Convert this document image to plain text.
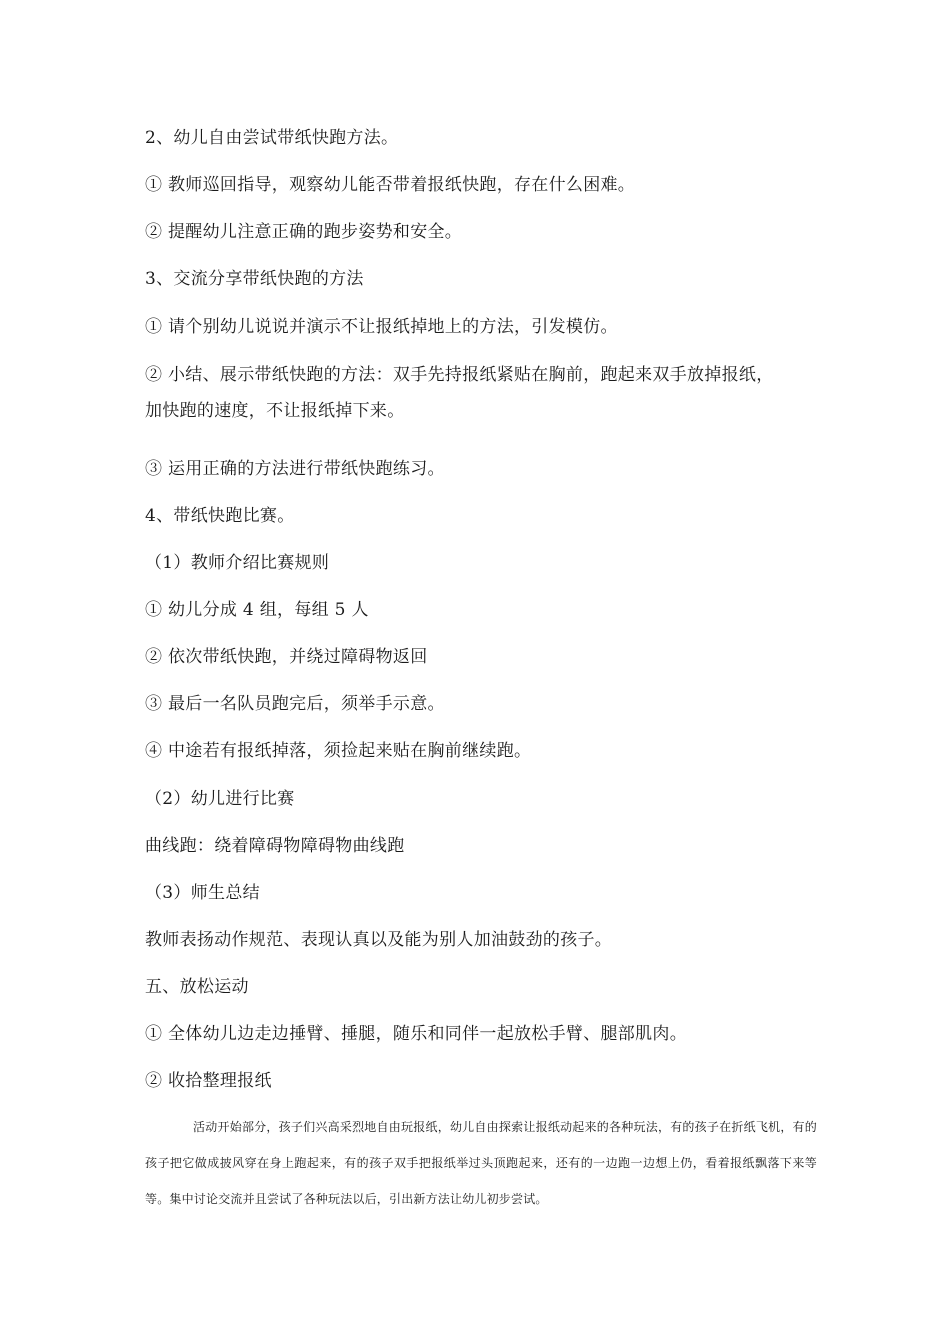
2、幼儿自由尝试带纸快跑方法。
① 教师巡回指导，观察幼儿能否带着报纸快跑，存在什么困难。
② 提醒幼儿注意正确的跑步姿势和安全。
3、交流分享带纸快跑的方法
① 请个别幼儿说说并演示不让报纸掉地上的方法，引发模仿。
② 小结、展示带纸快跑的方法：双手先持报纸紧贴在胸前，跑起来双手放掉报纸，
加快跑的速度，不让报纸掉下来。
③ 运用正确的方法进行带纸快跑练习。
4、带纸快跑比赛。
（1）教师介绍比赛规则
① 幼儿分成 4 组，每组 5 人
② 依次带纸快跑，并绕过障碍物返回
③ 最后一名队员跑完后，须举手示意。
④ 中途若有报纸掉落，须捡起来贴在胸前继续跑。
（2）幼儿进行比赛
曲线跑：绕着障碍物障碍物曲线跑
（3）师生总结
教师表扬动作规范、表现认真以及能为别人加油鼓劲的孩子。
五、放松运动
① 全体幼儿边走边捶臂、捶腿，随乐和同伴一起放松手臂、腿部肌肉。
② 收拾整理报纸
活动开始部分，孩子们兴高采烈地自由玩报纸，幼儿自由探索让报纸动起来的各种玩法，有的孩子在折纸飞机，有的孩子把它做成披风穿在身上跑起来，有的孩子双手把报纸举过头顶跑起来，还有的一边跑一边想上仍，看着报纸飘落下来等等。集中讨论交流并且尝试了各种玩法以后，引出新方法让幼儿初步尝试。
